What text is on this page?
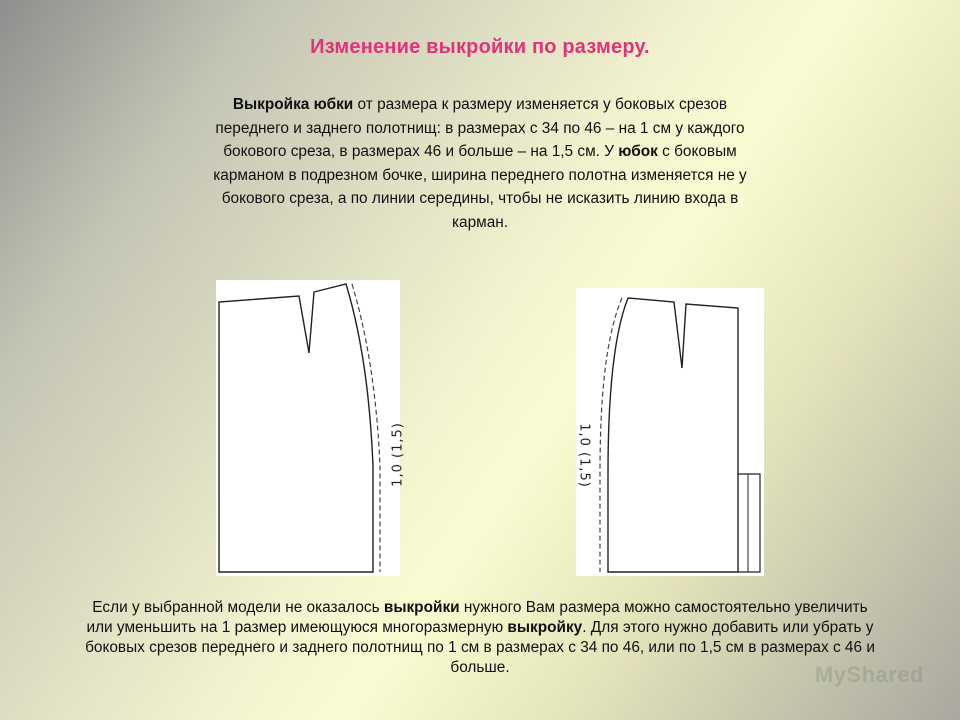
Изменение выкройки по размеру.
Выкройка юбки от размера к размеру изменяется у боковых срезов переднего и заднего полотнищ: в размерах с 34 по 46 – на 1 см у каждого бокового среза, в размерах 46 и больше – на 1,5 см. У юбок с боковым карманом в подрезном бочке, ширина переднего полотна изменяется не у бокового среза, а по линии середины, чтобы не исказить линию входа в карман.
1,0 (1,5)	1,0 (1,5)
Если у выбранной модели не оказалось выкройки нужного Вам размера можно самостоятельно увеличить или уменьшить на 1 размер имеющуюся многоразмерную выкройку. Для этого нужно добавить или убрать у боковых срезов переднего и заднего полотнищ по 1 см в размерах с 34 по 46, или по 1,5 см в размерах с 46 и больше.	MyShared
